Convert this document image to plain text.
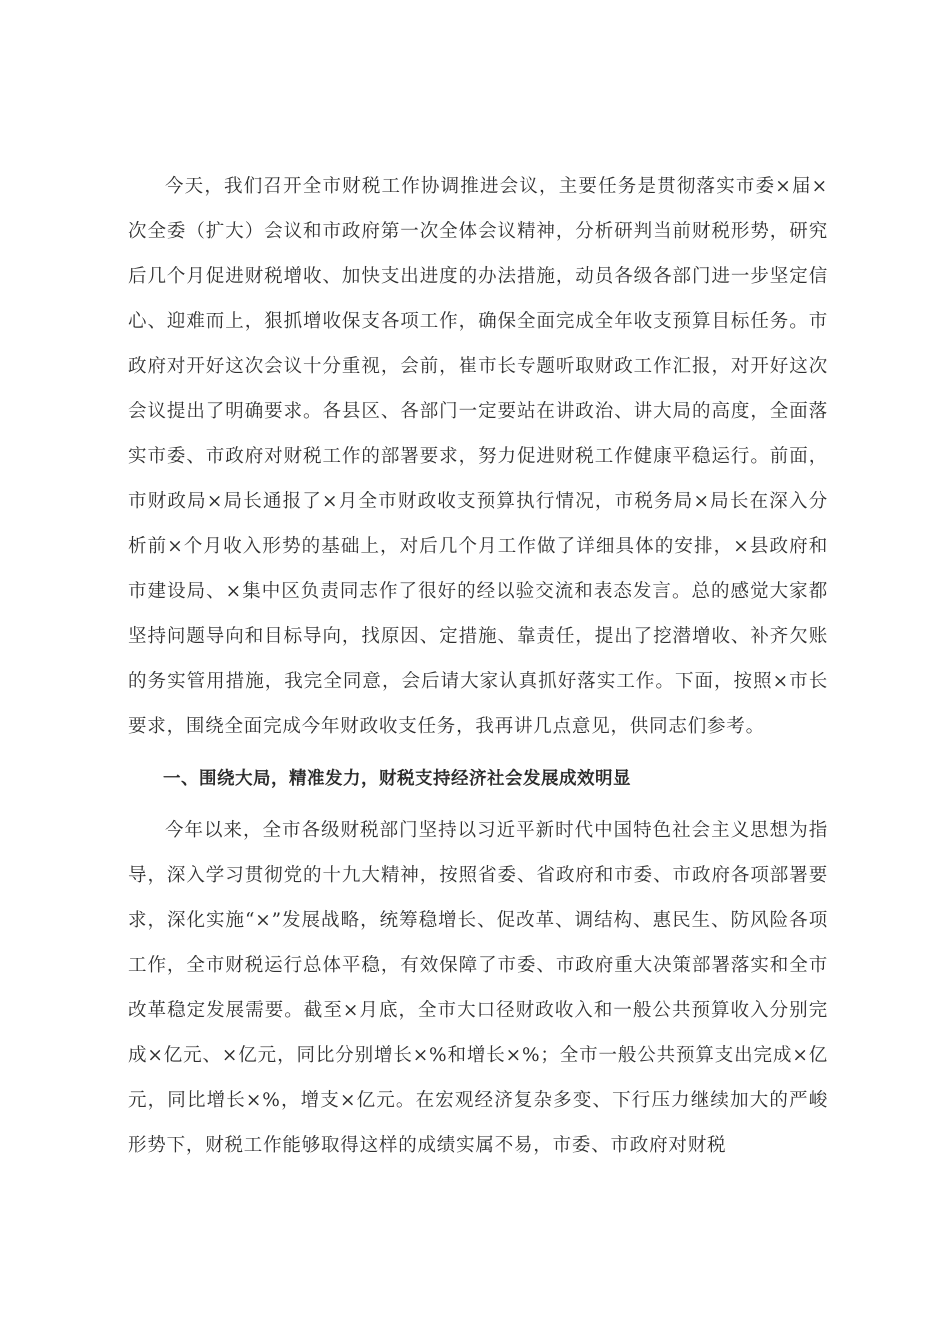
今天，我们召开全市财税工作协调推进会议，主要任务是贯彻落实市委×届×次全委（扩大）会议和市政府第一次全体会议精神，分析研判当前财税形势，研究后几个月促进财税增收、加快支出进度的办法措施，动员各级各部门进一步坚定信心、迎难而上，狠抓增收保支各项工作，确保全面完成全年收支预算目标任务。市政府对开好这次会议十分重视，会前，崔市长专题听取财政工作汇报，对开好这次会议提出了明确要求。各县区、各部门一定要站在讲政治、讲大局的高度，全面落实市委、市政府对财税工作的部署要求，努力促进财税工作健康平稳运行。前面，市财政局×局长通报了×月全市财政收支预算执行情况，市税务局×局长在深入分析前×个月收入形势的基础上，对后几个月工作做了详细具体的安排，×县政府和市建设局、×集中区负责同志作了很好的经以验交流和表态发言。总的感觉大家都坚持问题导向和目标导向，找原因、定措施、靠责任，提出了挖潜增收、补齐欠账的务实管用措施，我完全同意，会后请大家认真抓好落实工作。下面，按照×市长要求，围绕全面完成今年财政收支任务，我再讲几点意见，供同志们参考。

一、围绕大局，精准发力，财税支持经济社会发展成效明显

今年以来，全市各级财税部门坚持以习近平新时代中国特色社会主义思想为指导，深入学习贯彻党的十九大精神，按照省委、省政府和市委、市政府各项部署要求，深化实施“×”发展战略，统筹稳增长、促改革、调结构、惠民生、防风险各项工作，全市财税运行总体平稳，有效保障了市委、市政府重大决策部署落实和全市改革稳定发展需要。截至×月底，全市大口径财政收入和一般公共预算收入分别完成×亿元、×亿元，同比分别增长×%和增长×%；全市一般公共预算支出完成×亿元，同比增长×%，增支×亿元。在宏观经济复杂多变、下行压力继续加大的严峻形势下，财税工作能够取得这样的成绩实属不易，市委、市政府对财税
